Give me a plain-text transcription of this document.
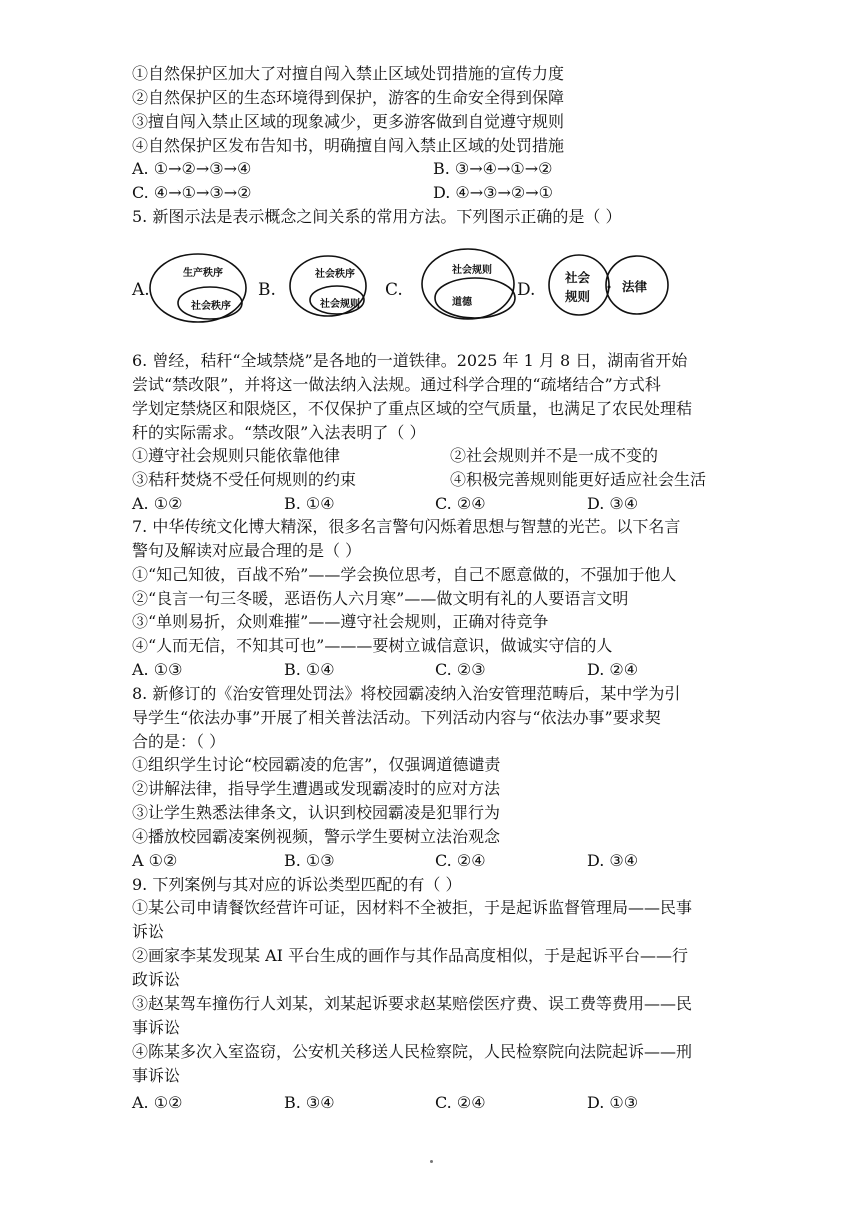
①自然保护区加大了对擅自闯入禁止区域处罚措施的宣传力度
②自然保护区的生态环境得到保护，游客的生命安全得到保障
③擅自闯入禁止区域的现象减少，更多游客做到自觉遵守规则
④自然保护区发布告知书，明确擅自闯入禁止区域的处罚措施
A. ①→②→③→④	B. ③→④→①→②
C. ④→①→③→②	D. ④→③→②→①
5. 新图示法是表示概念之间关系的常用方法。下列图示正确的是（ ）
A.	B.	C.	D.
生产秩序
社会秩序
社会秩序
社会规则
社会规则
道德
社会
规则
法律
6. 曾经，秸秆“全域禁烧”是各地的一道铁律。2025 年 1 月 8 日，湖南省开始
尝试“禁改限”，并将这一做法纳入法规。通过科学合理的“疏堵结合”方式科
学划定禁烧区和限烧区，不仅保护了重点区域的空气质量，也满足了农民处理秸
秆的实际需求。“禁改限”入法表明了（ ）
①遵守社会规则只能依靠他律	②社会规则并不是一成不变的
③秸秆焚烧不受任何规则的约束	④积极完善规则能更好适应社会生活
A. ①②	B. ①④	C. ②④	D. ③④
7. 中华传统文化博大精深，很多名言警句闪烁着思想与智慧的光芒。以下名言
警句及解读对应最合理的是（ ）
①“知己知彼，百战不殆”——学会换位思考，自己不愿意做的，不强加于他人
②“良言一句三冬暖，恶语伤人六月寒”——做文明有礼的人要语言文明
③“单则易折，众则难摧”——遵守社会规则，正确对待竞争
④“人而无信，不知其可也”———要树立诚信意识，做诚实守信的人
A. ①③	B. ①④	C. ②③	D. ②④
8. 新修订的《治安管理处罚法》将校园霸凌纳入治安管理范畴后，某中学为引
导学生“依法办事”开展了相关普法活动。下列活动内容与“依法办事”要求契
合的是：（ ）
①组织学生讨论“校园霸凌的危害”，仅强调道德谴责
②讲解法律，指导学生遭遇或发现霸凌时的应对方法
③让学生熟悉法律条文，认识到校园霸凌是犯罪行为
④播放校园霸凌案例视频，警示学生要树立法治观念
A ①②	B. ①③	C. ②④	D. ③④
9. 下列案例与其对应的诉讼类型匹配的有（ ）
①某公司申请餐饮经营许可证，因材料不全被拒，于是起诉监督管理局——民事
诉讼
②画家李某发现某 AI 平台生成的画作与其作品高度相似，于是起诉平台——行
政诉讼
③赵某驾车撞伤行人刘某，刘某起诉要求赵某赔偿医疗费、误工费等费用——民
事诉讼
④陈某多次入室盗窃，公安机关移送人民检察院，人民检察院向法院起诉——刑
事诉讼
A. ①②	B. ③④	C. ②④	D. ①③
